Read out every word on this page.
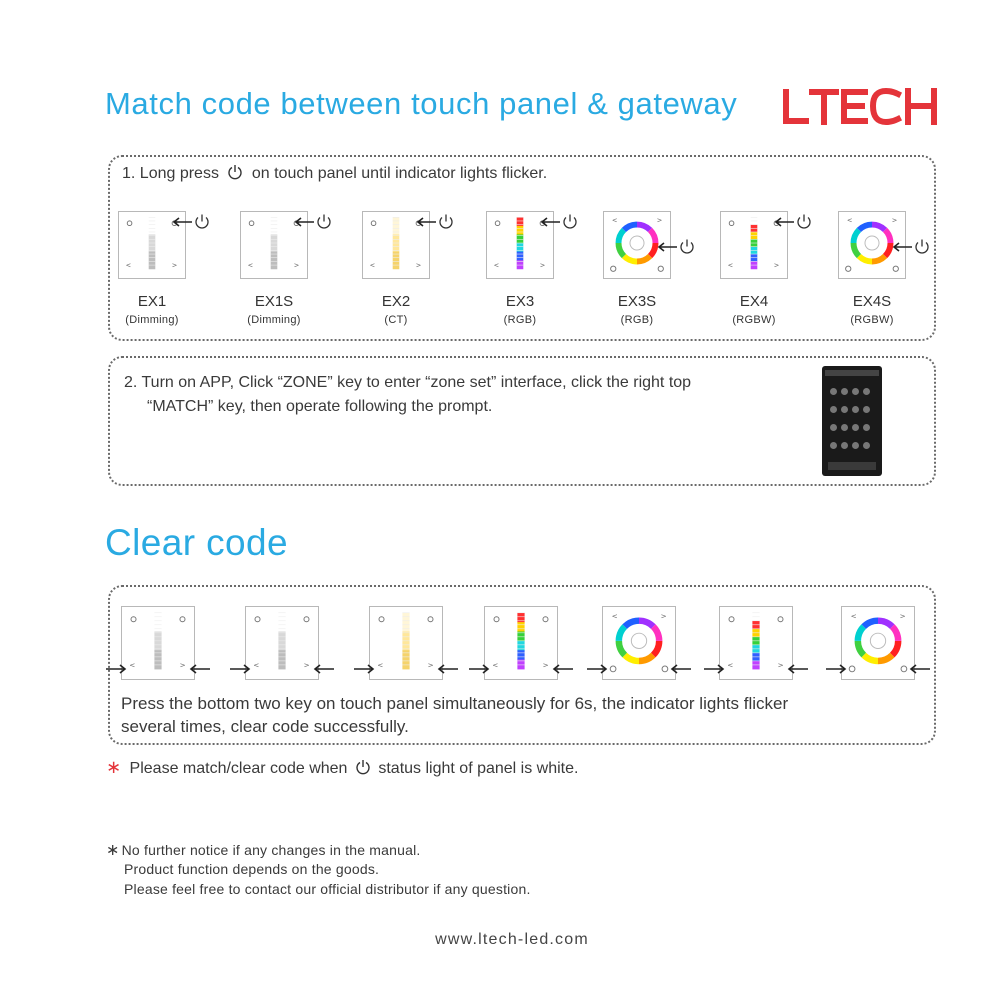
Match code between touch panel & gateway
1. Long press on touch panel until indicator lights flicker.
<	>
EX1
(Dimming)
<	>
EX1S
(Dimming)
<	>
EX2
(CT)
<	>
EX3
(RGB)
<	>
EX3S
(RGB)
<	>
EX4
(RGBW)
<	>
EX4S
(RGBW)
2. Turn on APP, Click “ZONE” key to enter “zone set” interface, click the right top
“MATCH” key, then operate following the prompt.

Clear code
<	>	<	>	<	>	<	>
<	>
<	>
<	>
Press the bottom two key on touch panel simultaneously for 6s, the indicator lights flicker
several times, clear code successfully.
∗ Please match/clear code when status light of panel is white.
∗ No further notice if any changes in the manual.
Product function depends on the goods.
Please feel free to contact our official distributor if any question.
www.ltech-led.com
